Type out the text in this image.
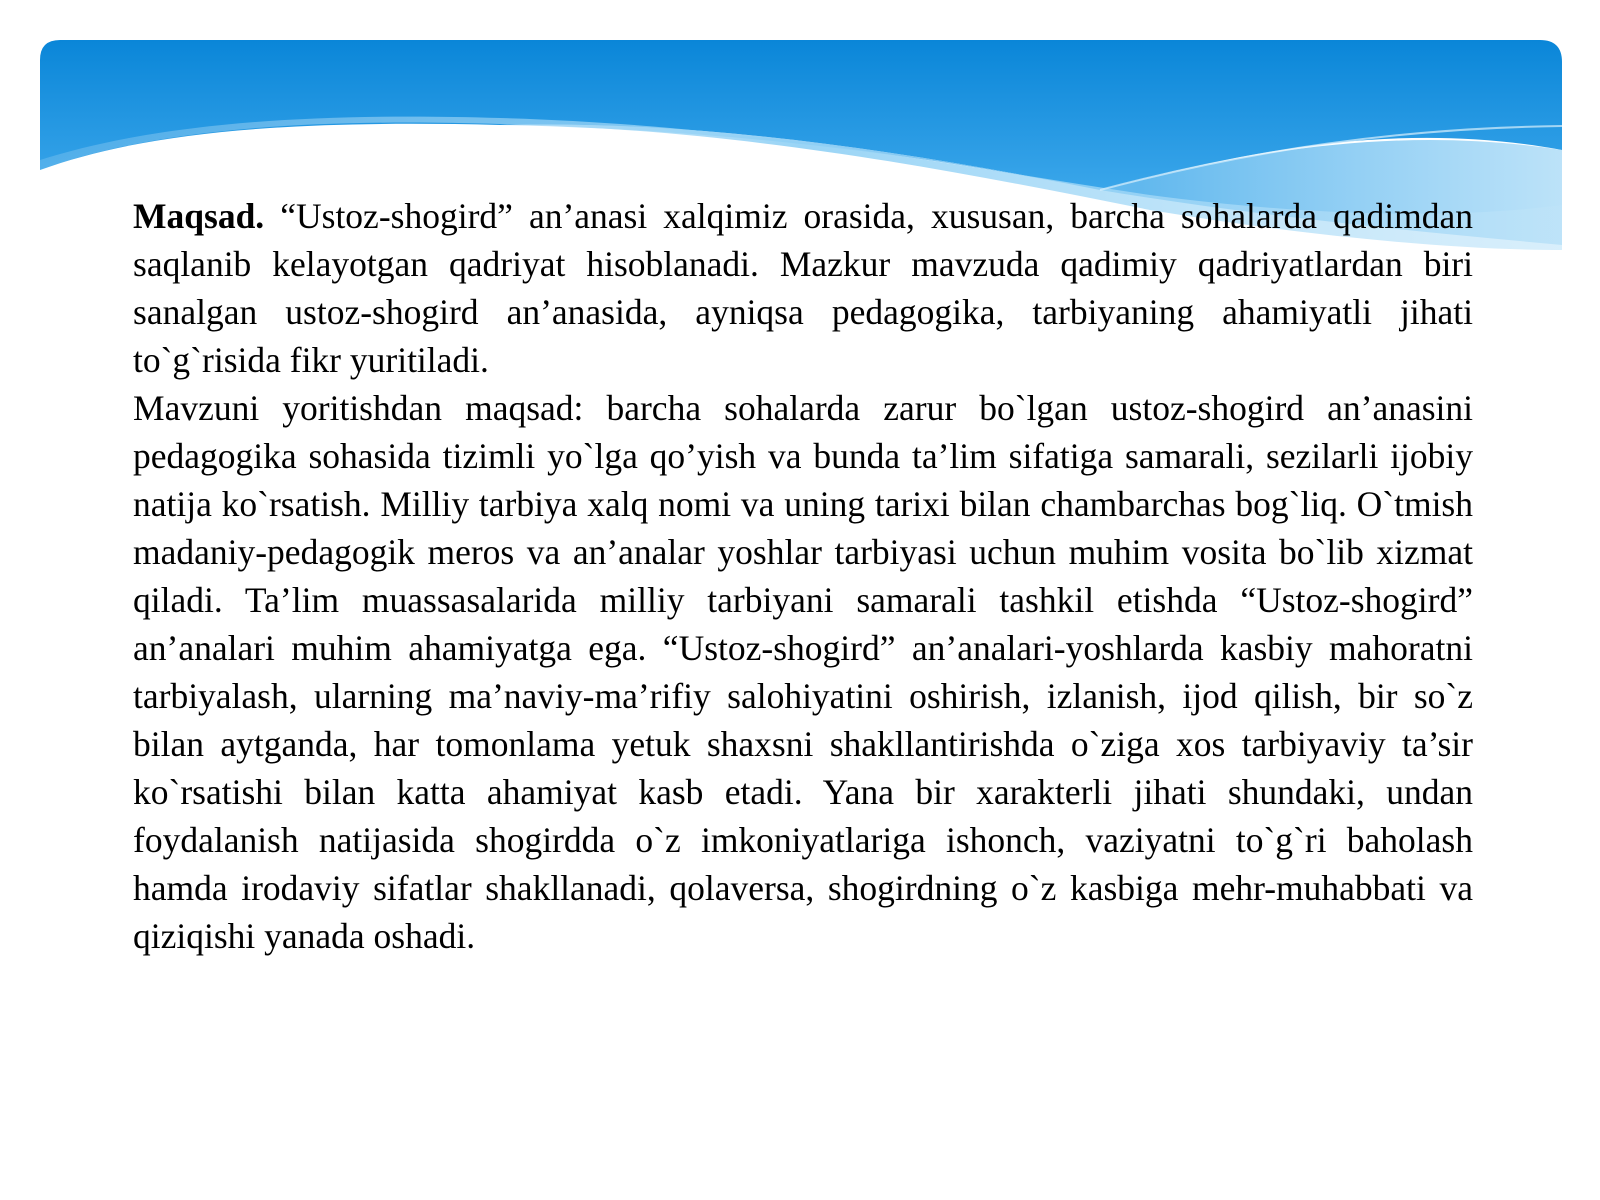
Maqsad. “Ustoz-shogird” an’anasi xalqimiz orasida, xususan, barcha sohalarda qadimdan saqlanib kelayotgan qadriyat hisoblanadi. Mazkur mavzuda qadimiy qadriyatlardan biri sanalgan ustoz-shogird an’anasida, ayniqsa pedagogika, tarbiyaning ahamiyatli jihati to`g`risida fikr yuritiladi.

Mavzuni yoritishdan maqsad: barcha sohalarda zarur bo`lgan ustoz-shogird an’anasini pedagogika sohasida tizimli yo`lga qo’yish va bunda ta’lim sifatiga samarali, sezilarli ijobiy natija ko`rsatish. Milliy tarbiya xalq nomi va uning tarixi bilan chambarchas bog`liq. O`tmish madaniy-pedagogik meros va an’analar yoshlar tarbiyasi uchun muhim vosita bo`lib xizmat qiladi. Ta’lim muassasalarida milliy tarbiyani samarali tashkil etishda “Ustoz-shogird” an’analari muhim ahamiyatga ega. “Ustoz-shogird” an’analari-yoshlarda kasbiy mahoratni tarbiyalash, ularning ma’naviy-ma’rifiy salohiyatini oshirish, izlanish, ijod qilish, bir so`z bilan aytganda, har tomonlama yetuk shaxsni shakllantirishda o`ziga xos tarbiyaviy ta’sir ko`rsatishi bilan katta ahamiyat kasb etadi. Yana bir xarakterli jihati shundaki, undan foydalanish natijasida shogirdda o`z imkoniyatlariga ishonch, vaziyatni to`g`ri baholash hamda irodaviy sifatlar shakllanadi, qolaversa, shogirdning o`z kasbiga mehr-muhabbati va qiziqishi yanada oshadi.
